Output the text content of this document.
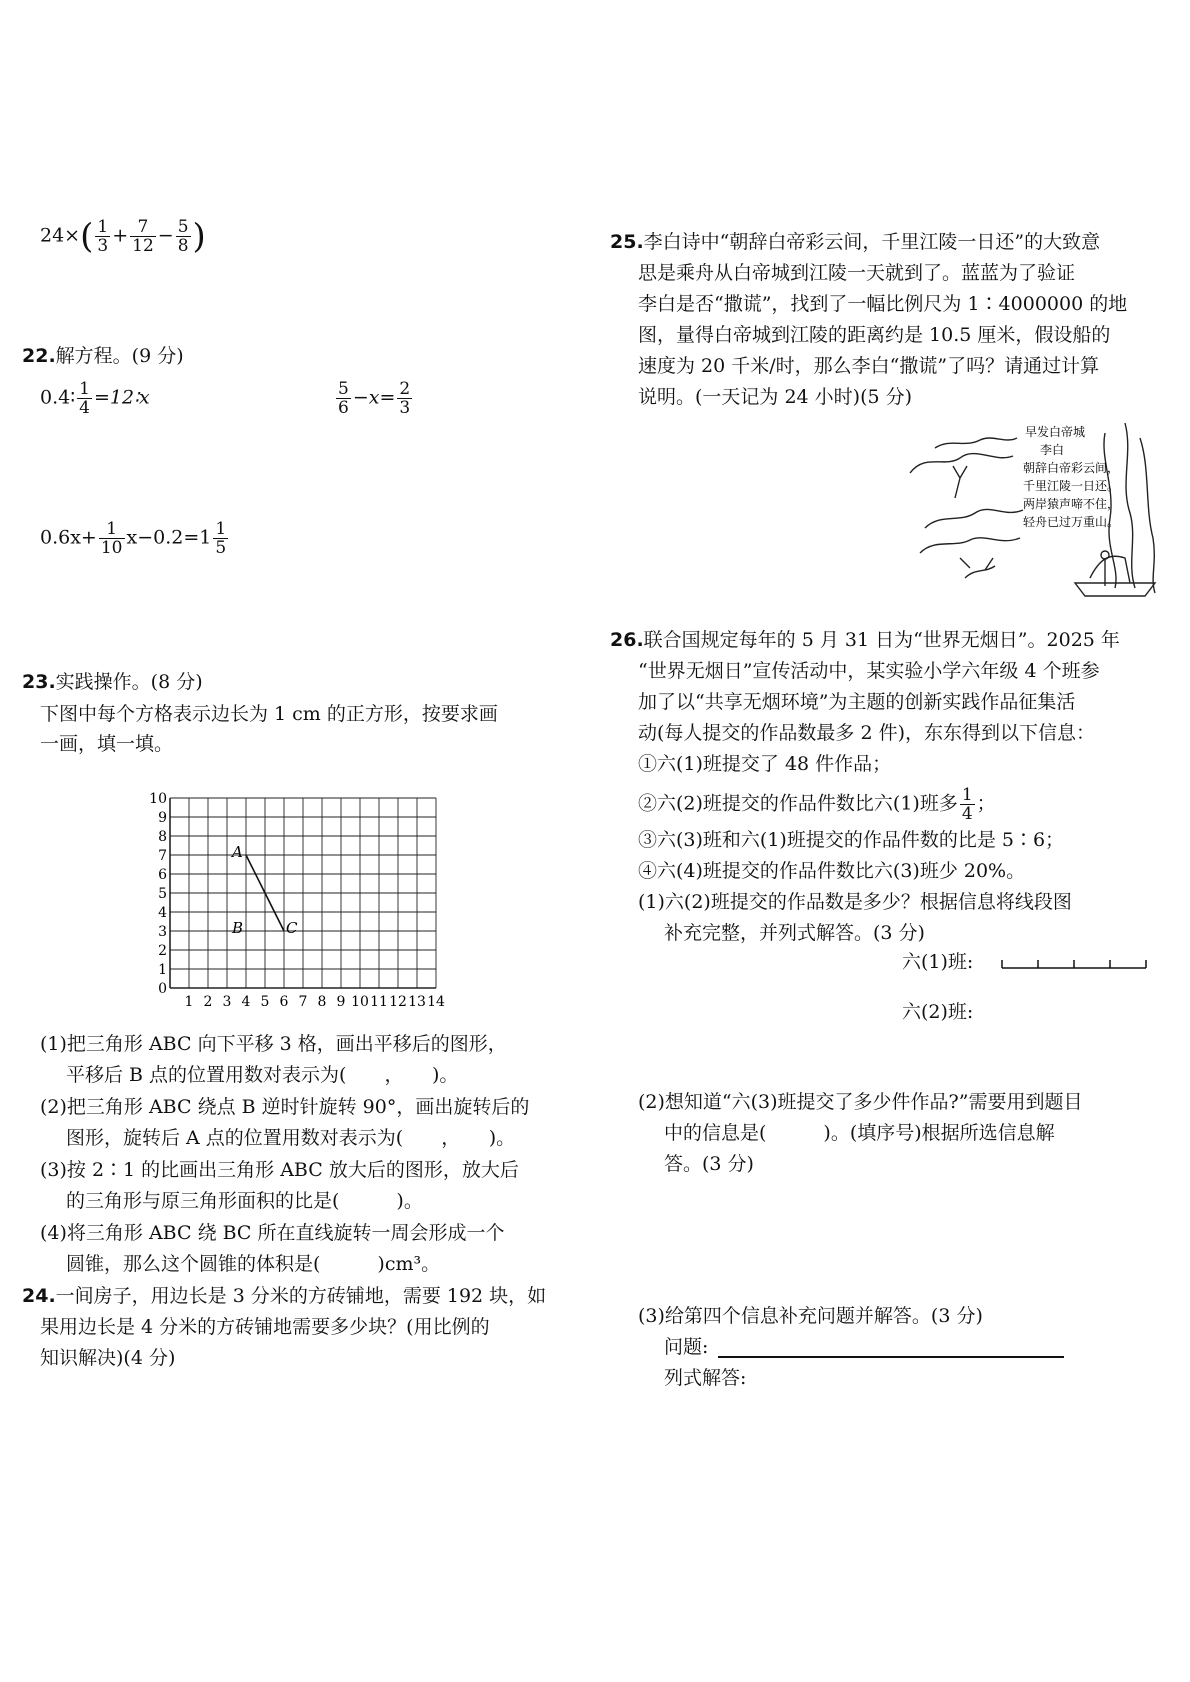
$24\times( \frac{1}{3} + \frac{7}{12} - \frac{5}{8}$ )
22.解方程。(9 分)
0.4∶ $\frac{1}{4}$ =12∶x	$\frac{5}{6} -x= \frac{2}{3}$
$0.6x+ \frac{1}{10} x-0.2=1 \frac{1}{5}$
23.实践操作。(8 分)
下图中每个方格表示边长为 1 cm 的正方形，按要求画
一画，填一填。
0
1
2
3
4
5
6
7
8
9
10
1 2 3 4 5 6 7 8 9 10 11 12 13 14
A
B	C
(1)把三角形 ABC 向下平移 3 格，画出平移后的图形，
平移后 B 点的位置用数对表示为(　　，　　)。
(2)把三角形 ABC 绕点 B 逆时针旋转 90°，画出旋转后的
图形，旋转后 A 点的位置用数对表示为(　　，　　)。
(3)按 2∶1 的比画出三角形 ABC 放大后的图形，放大后
的三角形与原三角形面积的比是(　　　)。
(4)将三角形 ABC 绕 BC 所在直线旋转一周会形成一个
圆锥，那么这个圆锥的体积是(　　　)cm³。
24.一间房子，用边长是 3 分米的方砖铺地，需要 192 块，如
果用边长是 4 分米的方砖铺地需要多少块？(用比例的
知识解决)(4 分)
25.李白诗中“朝辞白帝彩云间，千里江陵一日还”的大致意
思是乘舟从白帝城到江陵一天就到了。蓝蓝为了验证
李白是否“撒谎”，找到了一幅比例尺为 1∶4000000 的地
图，量得白帝城到江陵的距离约是 10.5 厘米，假设船的
速度为 20 千米/时，那么李白“撒谎”了吗？请通过计算
说明。(一天记为 24 小时)(5 分)
早发白帝城
李白
朝辞白帝彩云间，
千里江陵一日还。
两岸猿声啼不住，
轻舟已过万重山。
26.联合国规定每年的 5 月 31 日为“世界无烟日”。2025 年
“世界无烟日”宣传活动中，某实验小学六年级 4 个班参
加了以“共享无烟环境”为主题的创新实践作品征集活
动(每人提交的作品数最多 2 件)，东东得到以下信息：
①六(1)班提交了 48 件作品；
②六(2)班提交的作品件数比六(1)班多 $\frac{1}{4}$ ；
③六(3)班和六(1)班提交的作品件数的比是 5∶6；
④六(4)班提交的作品件数比六(3)班少 20%。
(1)六(2)班提交的作品数是多少？根据信息将线段图
补充完整，并列式解答。(3 分)
六(1)班:
六(2)班:
(2)想知道“六(3)班提交了多少件作品?”需要用到题目
中的信息是(　　　)。(填序号)根据所选信息解
答。(3 分)
(3)给第四个信息补充问题并解答。(3 分)
问题:
列式解答:
